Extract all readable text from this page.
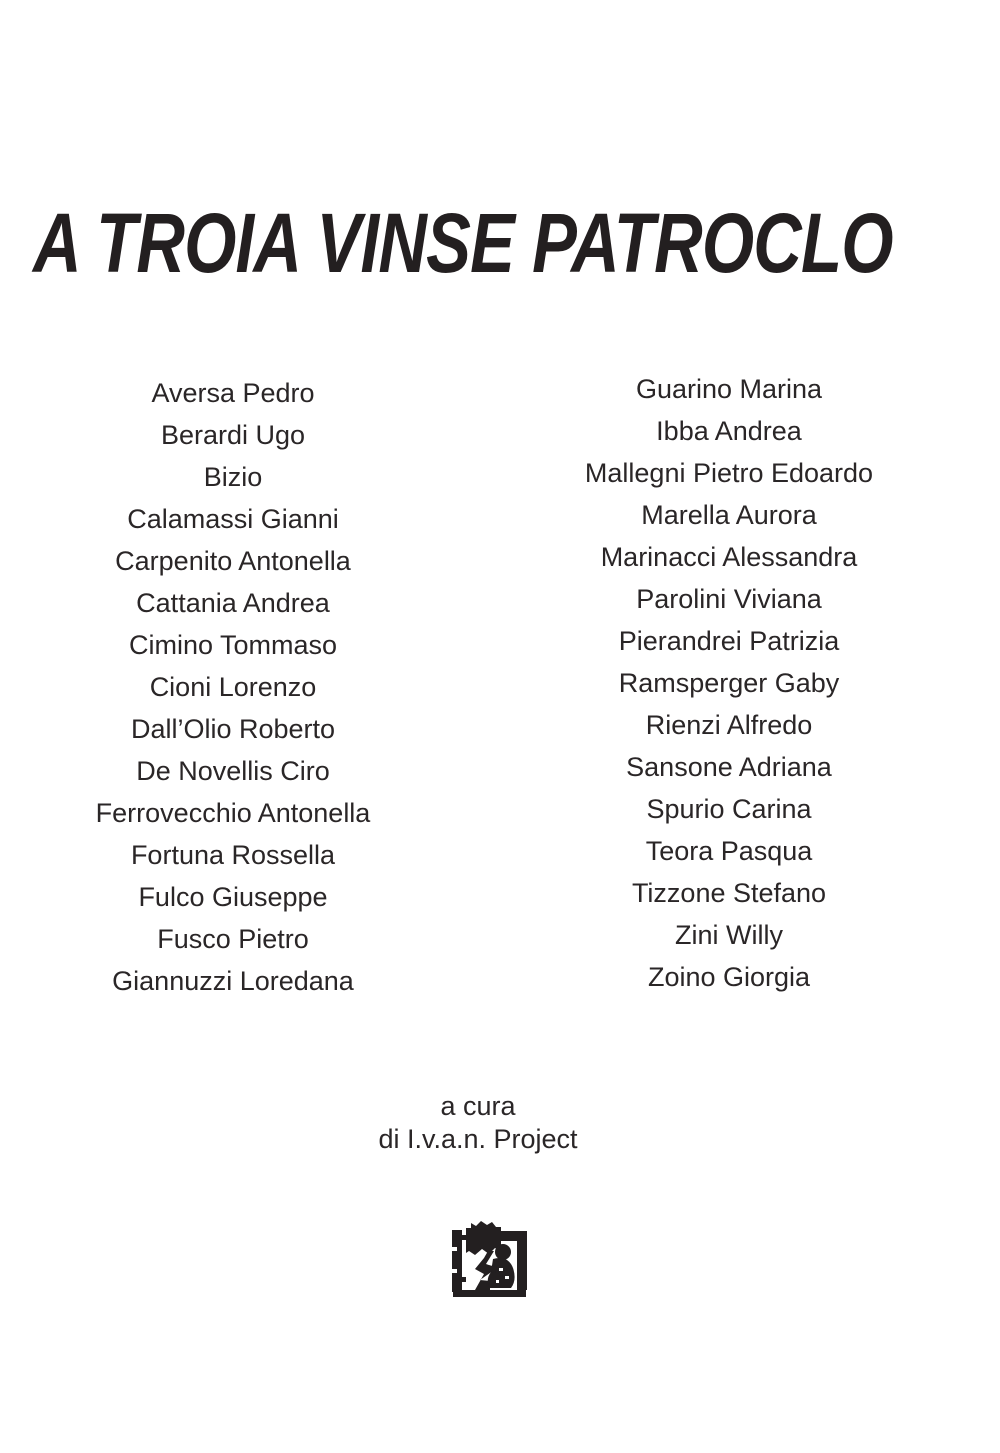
A TROIA VINSE PATROCLO
Aversa Pedro
Berardi Ugo
Bizio
Calamassi Gianni
Carpenito Antonella
Cattania Andrea
Cimino Tommaso
Cioni Lorenzo
Dall’Olio Roberto
De Novellis Ciro
Ferrovecchio Antonella
Fortuna Rossella
Fulco Giuseppe
Fusco Pietro
Giannuzzi Loredana
Guarino Marina
Ibba Andrea
Mallegni Pietro Edoardo
Marella Aurora
Marinacci Alessandra
Parolini Viviana
Pierandrei Patrizia
Ramsperger Gaby
Rienzi Alfredo
Sansone Adriana
Spurio Carina
Teora Pasqua
Tizzone Stefano
Zini Willy
Zoino Giorgia
a cura
di I.v.a.n. Project
